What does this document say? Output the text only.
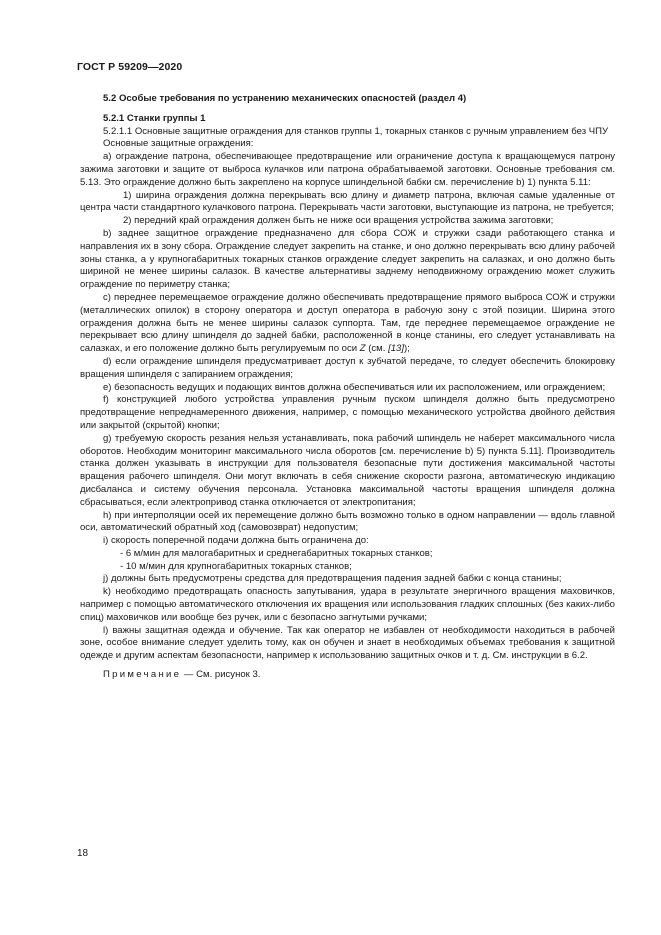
ГОСТ Р 59209—2020

5.2 Особые требования по устранению механических опасностей (раздел 4)

5.2.1 Станки группы 1

5.2.1.1 Основные защитные ограждения для станков группы 1, токарных станков с ручным управлением без ЧПУ

Основные защитные ограждения:

а) ограждение патрона, обеспечивающее предотвращение или ограничение доступа к вращающемуся патрону зажима заготовки и защите от выброса кулачков или патрона обрабатываемой заготовки. Основные требования см. 5.13. Это ограждение должно быть закреплено на корпусе шпиндельной бабки см. перечисление b) 1) пункта 5.11:

1) ширина ограждения должна перекрывать всю длину и диаметр патрона, включая самые удаленные от центра части стандартного кулачкового патрона. Перекрывать части заготовки, выступающие из патрона, не требуется;

2) передний край ограждения должен быть не ниже оси вращения устройства зажима заготовки;

b) заднее защитное ограждение предназначено для сбора СОЖ и стружки сзади работающего станка и направления их в зону сбора. Ограждение следует закрепить на станке, и оно должно перекрывать всю длину рабочей зоны станка, а у крупногабаритных токарных станков ограждение следует закрепить на салазках, и оно должно быть шириной не менее ширины салазок. В качестве альтернативы заднему неподвижному ограждению может служить ограждение по периметру станка;

с) переднее перемещаемое ограждение должно обеспечивать предотвращение прямого выброса СОЖ и стружки (металлических опилок) в сторону оператора и доступ оператора в рабочую зону с этой позиции. Ширина этого ограждения должна быть не менее ширины салазок суппорта. Там, где переднее перемещаемое ограждение не перекрывает всю длину шпинделя до задней бабки, расположенной в конце станины, его следует устанавливать на салазках, и его положение должно быть регулируемым по оси Z (см. [13]);

d) если ограждение шпинделя предусматривает доступ к зубчатой передаче, то следует обеспечить блокировку вращения шпинделя с запиранием ограждения;

е) безопасность ведущих и подающих винтов должна обеспечиваться или их расположением, или ограждением;

f) конструкцией любого устройства управления ручным пуском шпинделя должно быть предусмотрено предотвращение непреднамеренного движения, например, с помощью механического устройства двойного действия или закрытой (скрытой) кнопки;

g) требуемую скорость резания нельзя устанавливать, пока рабочий шпиндель не наберет максимального числа оборотов. Необходим мониторинг максимального числа оборотов [см. перечисление b) 5) пункта 5.11]. Производитель станка должен указывать в инструкции для пользователя безопасные пути достижения максимальной частоты вращения рабочего шпинделя. Они могут включать в себя снижение скорости разгона, автоматическую индикацию дисбаланса и систему обучения персонала. Установка максимальной частоты вращения шпинделя должна сбрасываться, если электропривод станка отключается от электропитания;

h) при интерполяции осей их перемещение должно быть возможно только в одном направлении — вдоль главной оси, автоматический обратный ход (самовозврат) недопустим;

i) скорость поперечной подачи должна быть ограничена до:

- 6 м/мин для малогабаритных и среднегабаритных токарных станков;

- 10 м/мин для крупногабаритных токарных станков;

j) должны быть предусмотрены средства для предотвращения падения задней бабки с конца станины;

k) необходимо предотвращать опасность запутывания, удара в результате энергичного вращения маховичков, например с помощью автоматического отключения их вращения или использования гладких сплошных (без каких-либо спиц) маховичков или вообще без ручек, или с безопасно загнутыми ручками;

l) важны защитная одежда и обучение. Так как оператор не избавлен от необходимости находиться в рабочей зоне, особое внимание следует уделить тому, как он обучен и знает в необходимых объемах требования к защитной одежде и другим аспектам безопасности, например к использованию защитных очков и т. д. См. инструкции в 6.2.

Примечание — См. рисунок 3.

18
